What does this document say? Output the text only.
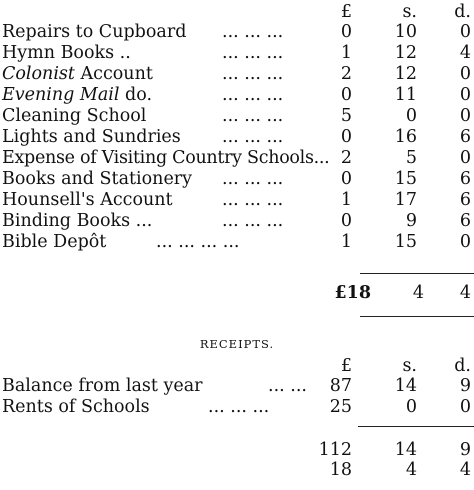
£	s.	d.
Repairs to Cupboard ... ... ...	0	10	0
Hymn Books ..	... ... ...	1	12	4
Colonist Account	... ... ...	2	12	0
Evening Mail do.	... ... ...	0	11	0
Cleaning School	... ... ...	5	0	0
Lights and Sundries ... ... ...	0	16	6
Expense of Visiting Country Schools... 2	5	0
Books and Stationery ... ... ...	0	15	6
Hounsell's Account	... ... ...	1	17	6
Binding Books ...	... ... ...	0	9	6
Bible Depôt	... ... ... ...	1	15	0
£18	4	4
RECEIPTS.
£	s.	d.
Balance from last year	... ...	87	14	9
Rents of Schools	... ... ...	25	0	0
112	14	9
18	4	4
